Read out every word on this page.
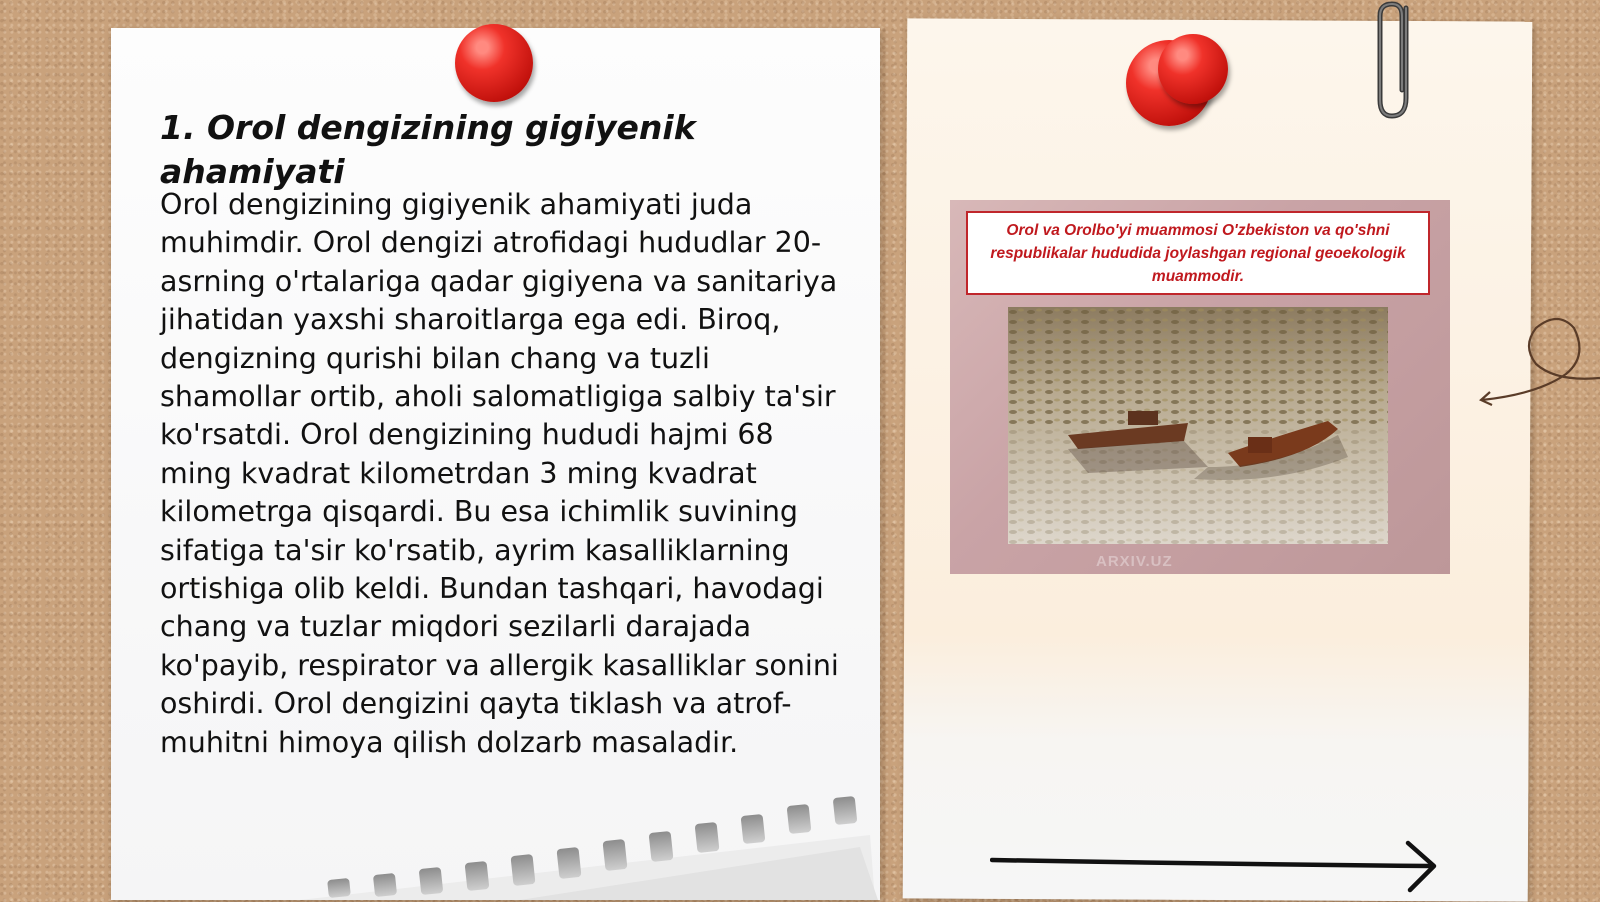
1. Orol dengizining gigiyenik ahamiyati

Orol dengizining gigiyenik ahamiyati juda muhimdir. Orol dengizi atrofidagi hududlar 20-asrning o'rtalariga qadar gigiyena va sanitariya jihatidan yaxshi sharoitlarga ega edi. Biroq, dengizning qurishi bilan chang va tuzli shamollar ortib, aholi salomatligiga salbiy ta'sir ko'rsatdi. Orol dengizining hududi hajmi 68 ming kvadrat kilometrdan 3 ming kvadrat kilometrga qisqardi. Bu esa ichimlik suvining sifatiga ta'sir ko'rsatib, ayrim kasalliklarning ortishiga olib keldi. Bundan tashqari, havodagi chang va tuzlar miqdori sezilarli darajada ko'payib, respirator va allergik kasalliklar sonini oshirdi. Orol dengizini qayta tiklash va atrof-muhitni himoya qilish dolzarb masaladir.

Orol va Orolbo'yi muammosi O'zbekiston va qo'shni respublikalar hududida joylashgan regional geoekologik muammodir.
ARXIV.UZ
